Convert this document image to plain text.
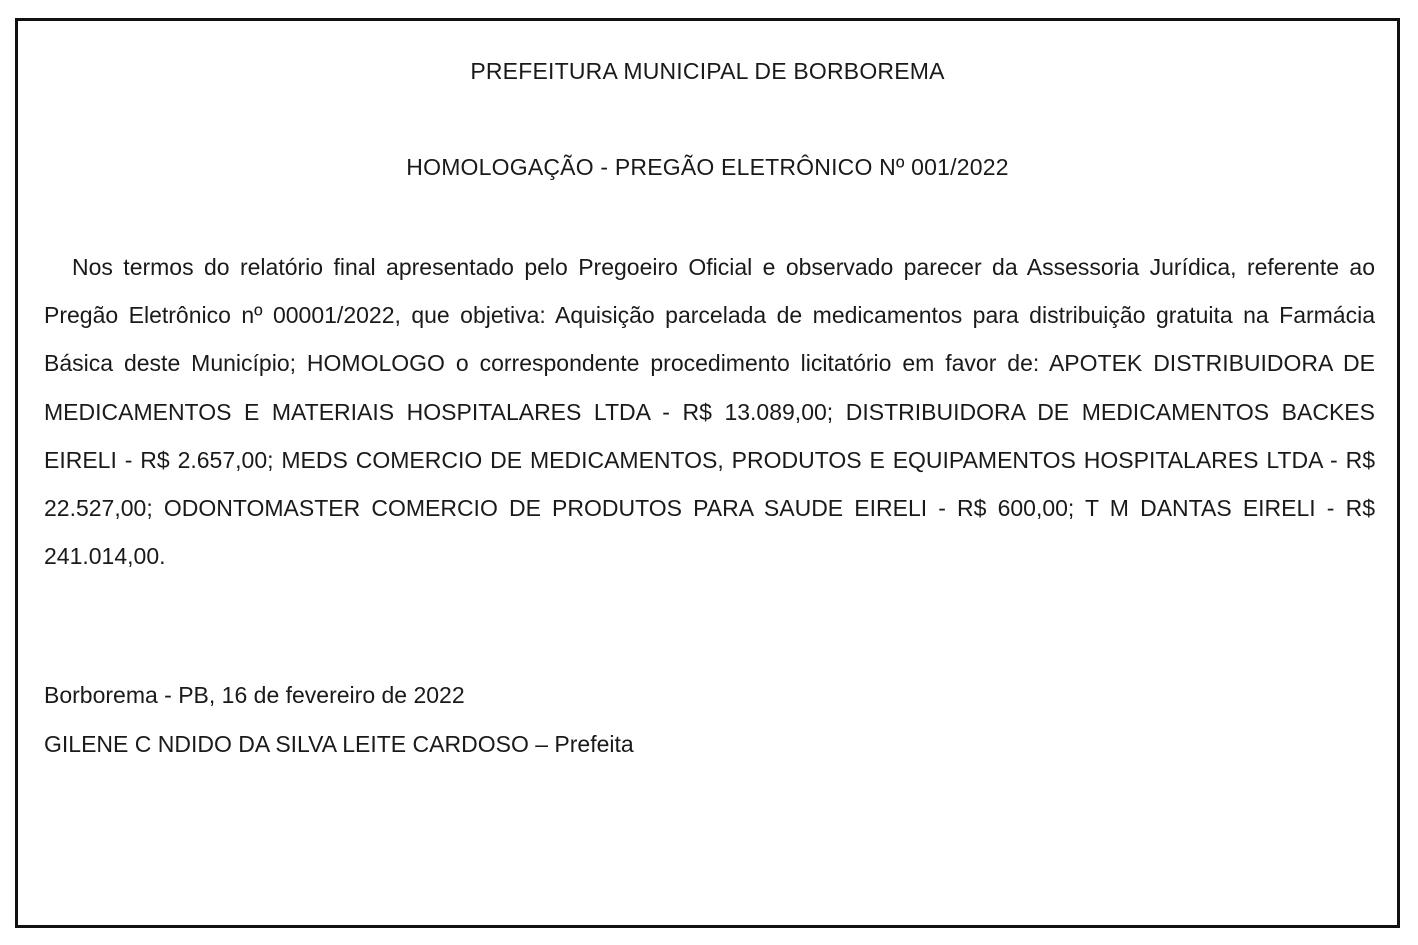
PREFEITURA MUNICIPAL DE BORBOREMA

HOMOLOGAÇÃO - PREGÃO ELETRÔNICO Nº 001/2022

Nos termos do relatório final apresentado pelo Pregoeiro Oficial e observado parecer da Assessoria Jurídica, referente ao Pregão Eletrônico nº 00001/2022, que objetiva: Aquisição parcelada de medicamentos para distribuição gratuita na Farmácia Básica deste Município; HOMOLOGO o correspondente procedimento licitatório em favor de: APOTEK DISTRIBUIDORA DE MEDICAMENTOS E MATERIAIS HOSPITALARES LTDA - R$ 13.089,00; DISTRIBUIDORA DE MEDICAMENTOS BACKES EIRELI - R$ 2.657,00; MEDS COMERCIO DE MEDICAMENTOS, PRODUTOS E EQUIPAMENTOS HOSPITALARES LTDA - R$ 22.527,00; ODONTOMASTER COMERCIO DE PRODUTOS PARA SAUDE EIRELI - R$ 600,00; T M DANTAS EIRELI - R$ 241.014,00.

Borborema - PB, 16 de fevereiro de 2022

GILENE C NDIDO DA SILVA LEITE CARDOSO – Prefeita
